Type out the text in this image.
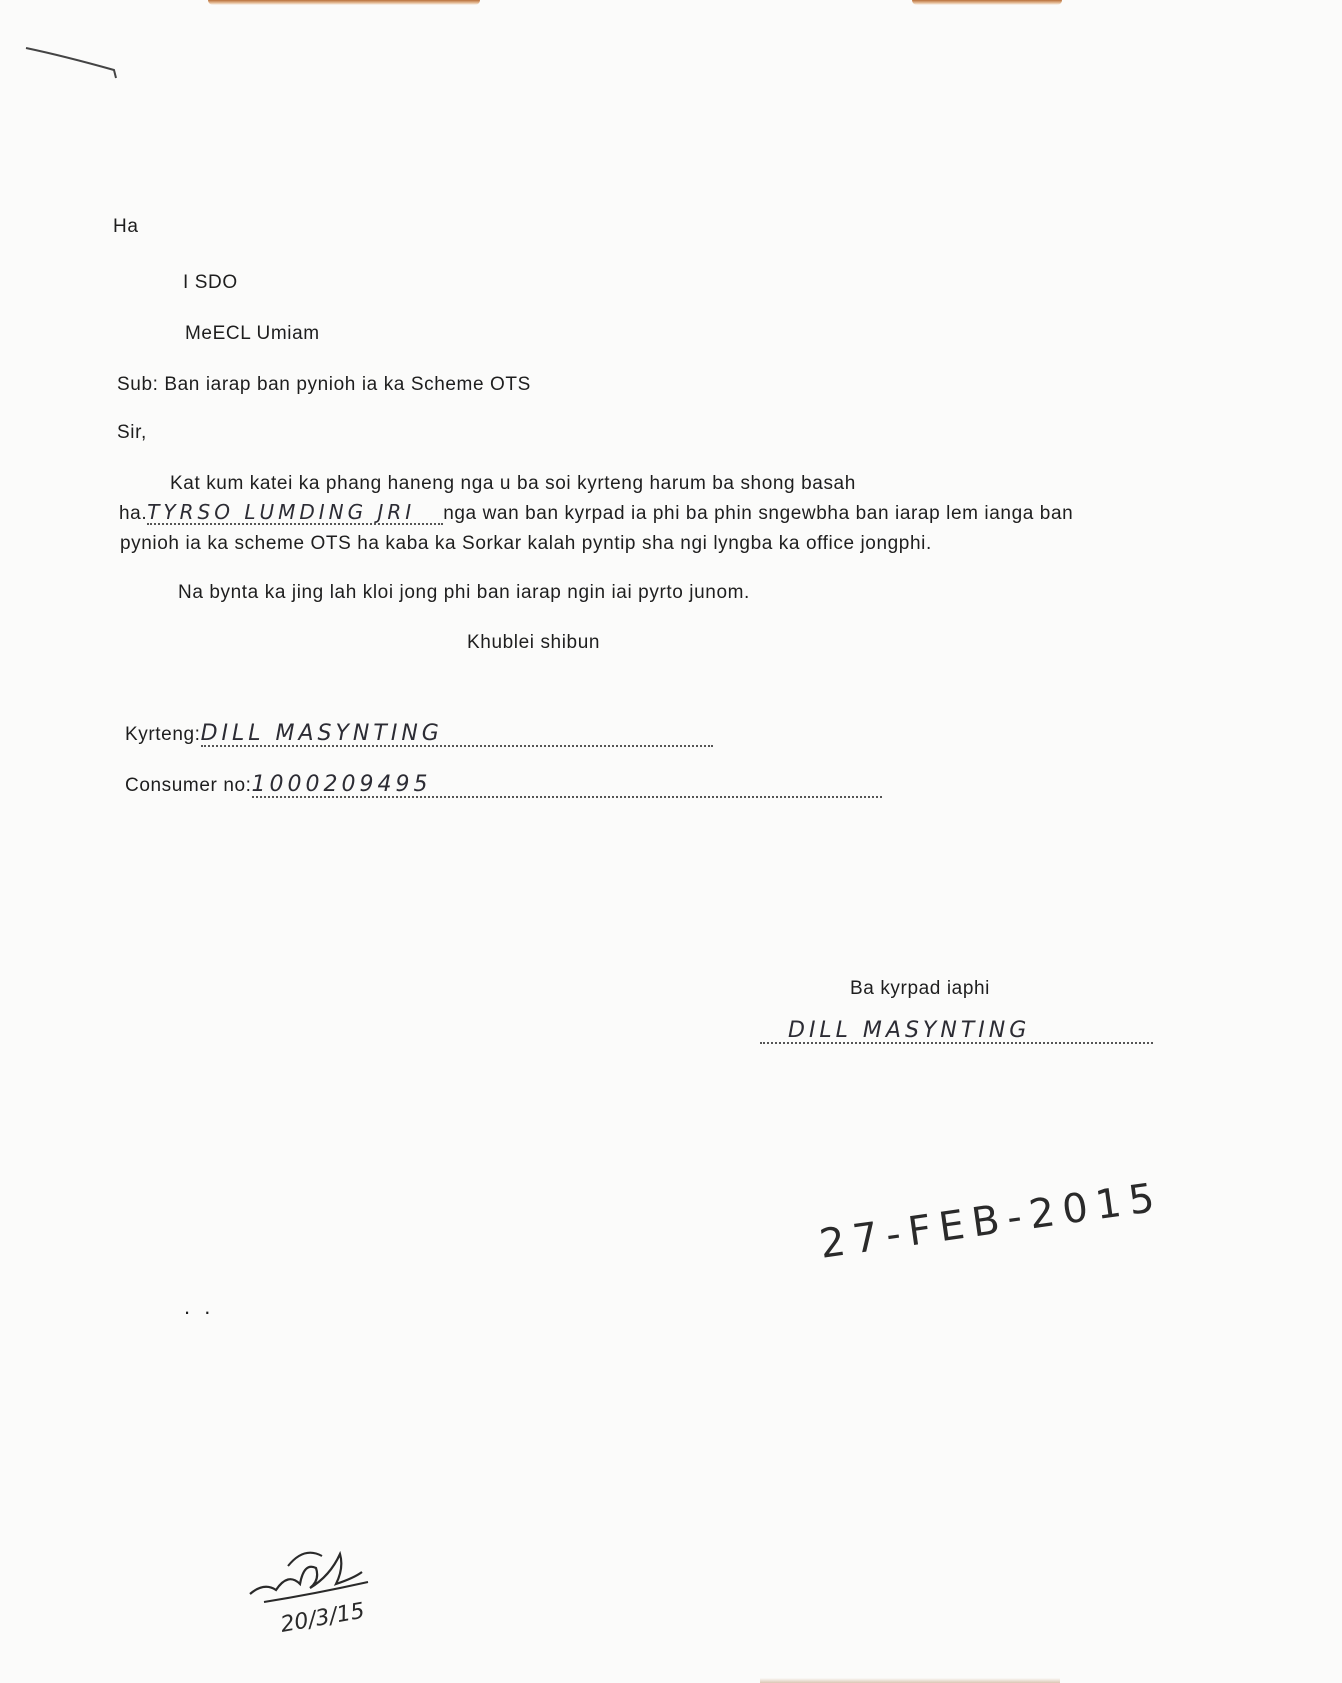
Ha
I SDO
MeECL Umiam
Sub: Ban iarap ban pynioh ia ka Scheme OTS
Sir,
Kat kum katei ka phang haneng nga u ba soi kyrteng harum ba shong basah
ha.TYRSO LUMDING JRI nga wan ban kyrpad ia phi ba phin sngewbha ban iarap lem ianga ban
pynioh ia ka scheme OTS ha kaba ka Sorkar kalah pyntip sha ngi lyngba ka office jongphi.
Na bynta ka jing lah kloi jong phi ban iarap ngin iai pyrto junom.
Khublei shibun
Kyrteng:DILL MASYNTING
Consumer no:1000209495
Ba kyrpad iaphi
DILL MASYNTING
27-FEB-2015
. .
20/3/15
